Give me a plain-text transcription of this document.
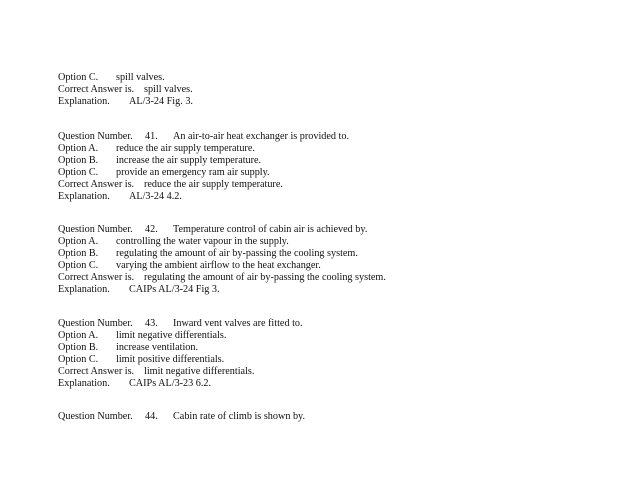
Option C. spill valves.
Correct Answer is. spill valves.
Explanation. AL/3-24 Fig. 3.
Question Number. 41. An air-to-air heat exchanger is provided to.
Option A. reduce the air supply temperature.
Option B. increase the air supply temperature.
Option C. provide an emergency ram air supply.
Correct Answer is. reduce the air supply temperature.
Explanation. AL/3-24 4.2.
Question Number. 42. Temperature control of cabin air is achieved by.
Option A. controlling the water vapour in the supply.
Option B. regulating the amount of air by-passing the cooling system.
Option C. varying the ambient airflow to the heat exchanger.
Correct Answer is. regulating the amount of air by-passing the cooling system.
Explanation. CAIPs AL/3-24 Fig 3.
Question Number. 43. Inward vent valves are fitted to.
Option A. limit negative differentials.
Option B. increase ventilation.
Option C. limit positive differentials.
Correct Answer is. limit negative differentials.
Explanation. CAIPs AL/3-23 6.2.
Question Number. 44. Cabin rate of climb is shown by.
